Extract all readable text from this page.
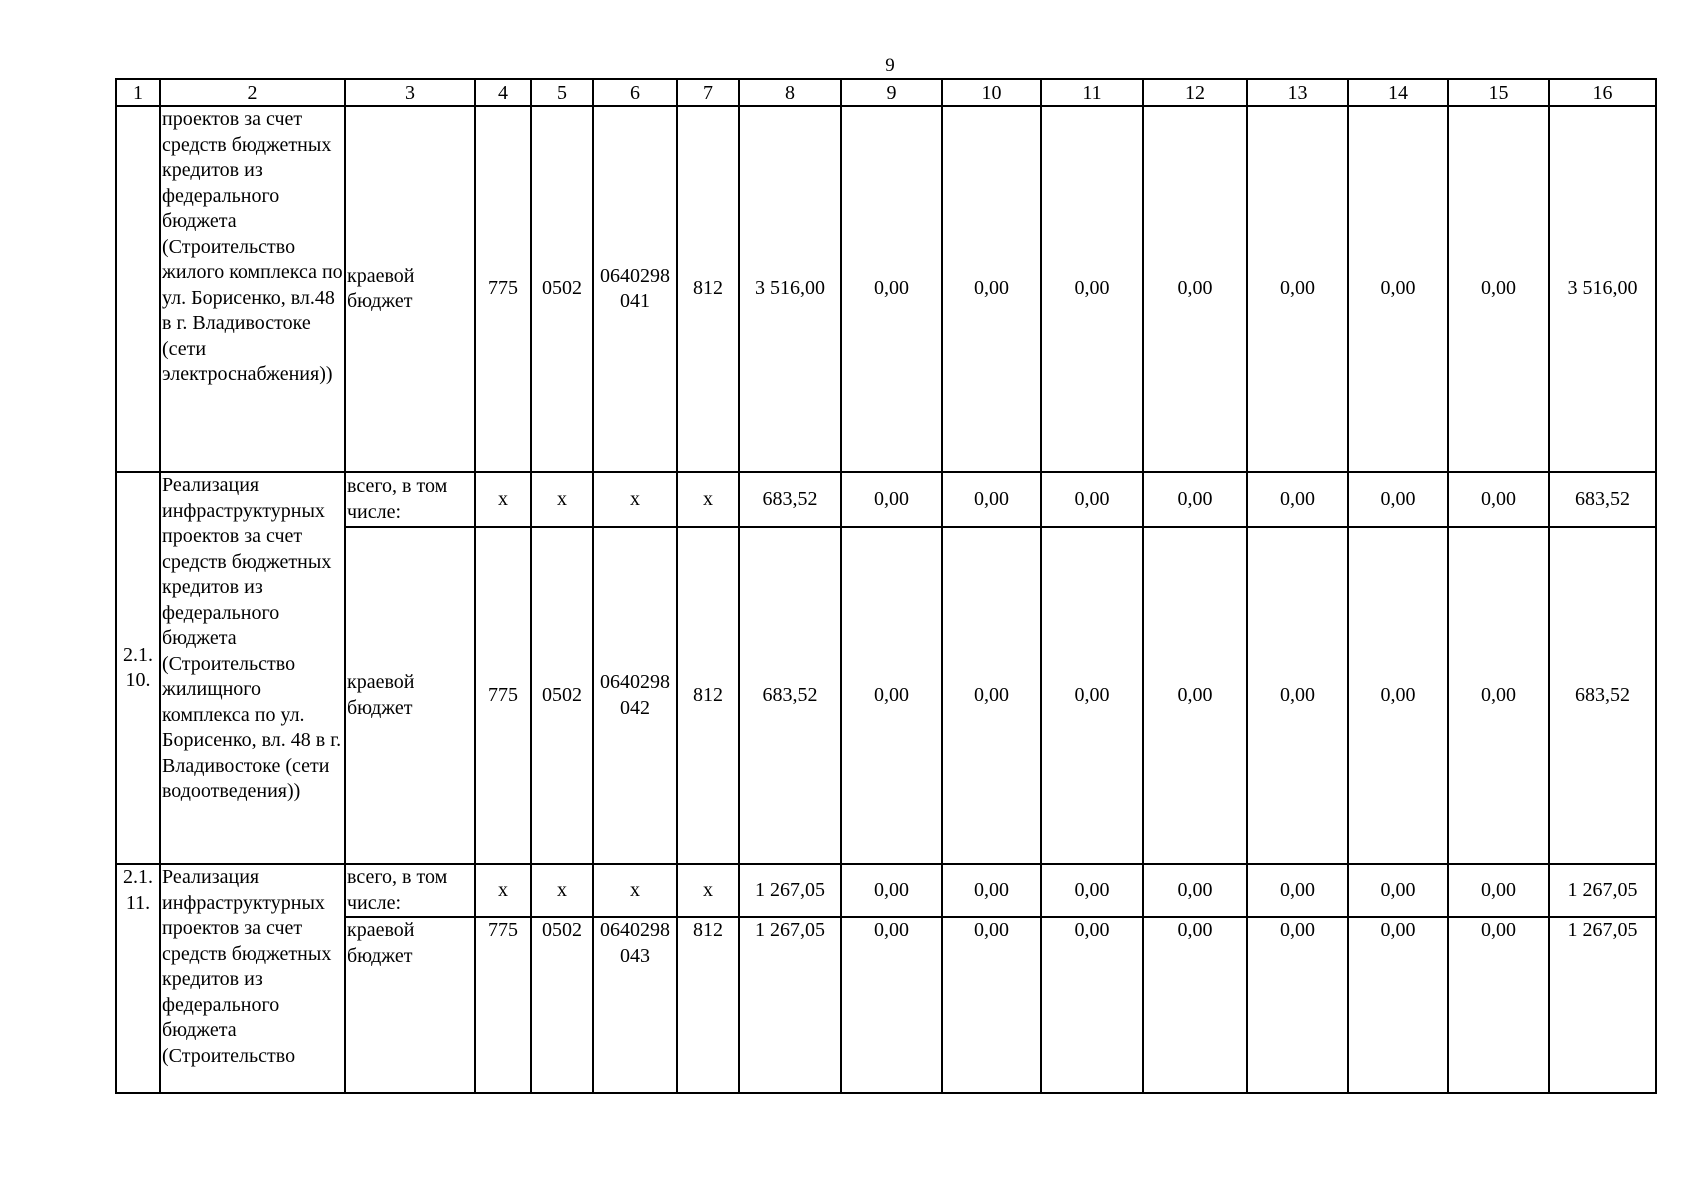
9
1	2	3	4	5	6	7	8	9	10	11	12	13	14	15	16
	проектов за счет средств бюджетных кредитов из федерального бюджета (Строительство жилого комплекса по ул. Борисенко, вл.48 в г. Владивостоке (сети электроснабжения))	краевой бюджет	775	0502	0640298 041	812	3 516,00	0,00	0,00	0,00	0,00	0,00	0,00	0,00	3 516,00
2.1. 10.	Реализация инфраструктурных проектов за счет средств бюджетных кредитов из федерального бюджета (Строительство жилищного комплекса по ул. Борисенко, вл. 48 в г. Владивостоке (сети водоотведения))	всего, в том числе:	x	x	x	x	683,52	0,00	0,00	0,00	0,00	0,00	0,00	0,00	683,52
		краевой бюджет	775	0502	0640298 042	812	683,52	0,00	0,00	0,00	0,00	0,00	0,00	0,00	683,52
2.1. 11.	Реализация инфраструктурных проектов за счет средств бюджетных кредитов из федерального бюджета (Строительство	всего, в том числе:	x	x	x	x	1 267,05	0,00	0,00	0,00	0,00	0,00	0,00	0,00	1 267,05
		краевой бюджет	775	0502	0640298 043	812	1 267,05	0,00	0,00	0,00	0,00	0,00	0,00	0,00	1 267,05
